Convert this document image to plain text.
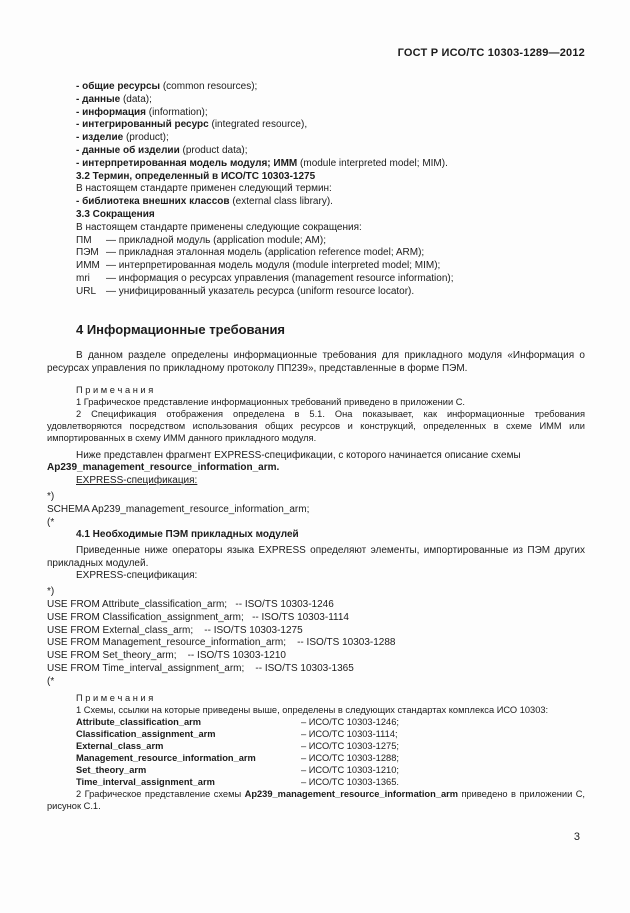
ГОСТ Р ИСО/ТС 10303-1289—2012
- общие ресурсы (common resources);
- данные (data);
- информация (information);
- интегрированный ресурс (integrated resource),
- изделие (product);
- данные об изделии (product data);
- интерпретированная модель модуля; ИММ (module interpreted model; MIM).
3.2 Термин, определенный в ИСО/ТС 10303-1275
В настоящем стандарте применен следующий термин:
- библиотека внешних классов (external class library).
3.3 Сокращения
В настоящем стандарте применены следующие сокращения:
ПМ	— прикладной модуль (application module; AM);
ПЭМ — прикладная эталонная модель (application reference model; ARM);
ИММ — интерпретированная модель модуля (module interpreted model; MIM);
mri	— информация о ресурсах управления (management resource information);
URL — унифицированный указатель ресурса (uniform resource locator).
4 Информационные требования
В данном разделе определены информационные требования для прикладного модуля «Информация о ресурсах управления по прикладному протоколу ПП239», представленные в форме ПЭМ.
П р и м е ч а н и я
1 Графическое представление информационных требований приведено в приложении С.
2 Спецификация отображения определена в 5.1. Она показывает, как информационные требования удовлетворяются посредством использования общих ресурсов и конструкций, определенных в схеме ИММ или импортированных в схему ИММ данного прикладного модуля.
Ниже представлен фрагмент EXPRESS-спецификации, с которого начинается описание схемы
Ap239_management_resource_information_arm.
EXPRESS-спецификация:
*)
SCHEMA Ap239_management_resource_information_arm;
(*
4.1 Необходимые ПЭМ прикладных модулей
Приведенные ниже операторы языка EXPRESS определяют элементы, импортированные из ПЭМ других прикладных модулей.
EXPRESS-спецификация:
*)
USE FROM Attribute_classification_arm;   -- ISO/TS 10303-1246
USE FROM Classification_assignment_arm;   -- ISO/TS 10303-1114
USE FROM External_class_arm;    -- ISO/TS 10303-1275
USE FROM Management_resource_information_arm;    -- ISO/TS 10303-1288
USE FROM Set_theory_arm;    -- ISO/TS 10303-1210
USE FROM Time_interval_assignment_arm;    -- ISO/TS 10303-1365
(*
П р и м е ч а н и я
1 Схемы, ссылки на которые приведены выше, определены в следующих стандартах комплекса ИСО 10303:
Attribute_classification_arm	– ИСО/ТС 10303-1246;
Classification_assignment_arm	– ИСО/ТС 10303-1114;
External_class_arm	– ИСО/ТС 10303-1275;
Management_resource_information_arm	– ИСО/ТС 10303-1288;
Set_theory_arm	– ИСО/ТС 10303-1210;
Time_interval_assignment_arm	– ИСО/ТС 10303-1365.
2 Графическое представление схемы Ap239_management_resource_information_arm приведено в приложении С, рисунок С.1.
3
